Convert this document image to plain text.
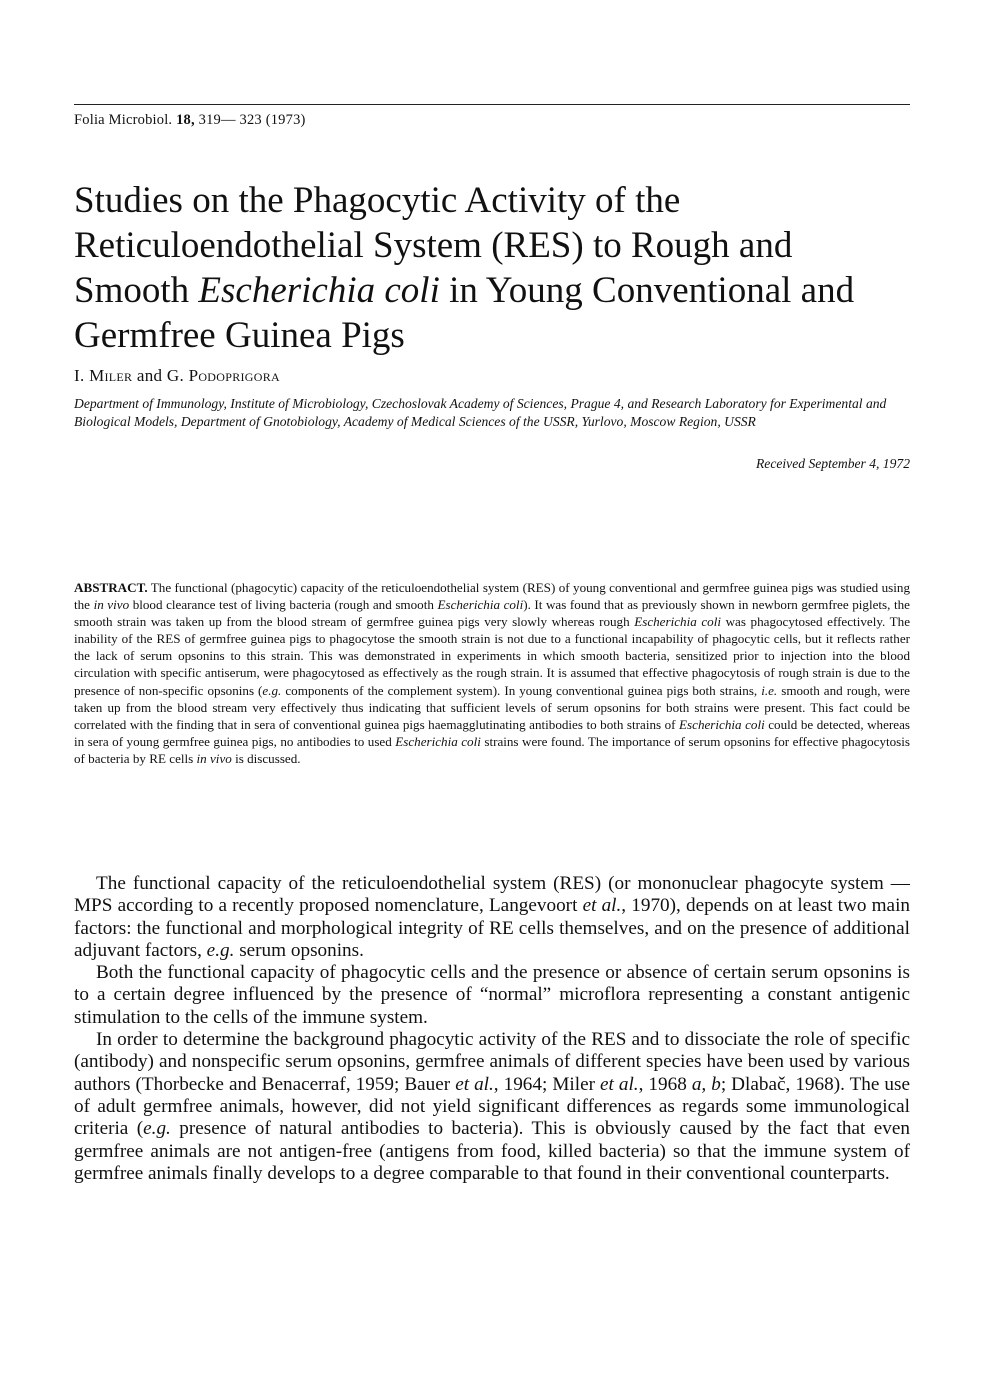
Folia Microbiol. 18, 319— 323 (1973)
Studies on the Phagocytic Activity of the Reticuloendothelial System (RES) to Rough and Smooth Escherichia coli in Young Conventional and Germfree Guinea Pigs
I. Miler and G. Podoprigora
Department of Immunology, Institute of Microbiology, Czechoslovak Academy of Sciences, Prague 4, and Research Laboratory for Experimental and Biological Models, Department of Gnotobiology, Academy of Medical Sciences of the USSR, Yurlovo, Moscow Region, USSR
Received September 4, 1972
ABSTRACT. The functional (phagocytic) capacity of the reticuloendothelial system (RES) of young conventional and germfree guinea pigs was studied using the in vivo blood clearance test of living bacteria (rough and smooth Escherichia coli). It was found that as previously shown in newborn germfree piglets, the smooth strain was taken up from the blood stream of germfree guinea pigs very slowly whereas rough Escherichia coli was phagocytosed effectively. The inability of the RES of germfree guinea pigs to phagocytose the smooth strain is not due to a functional incapability of phagocytic cells, but it reflects rather the lack of serum opsonins to this strain. This was demonstrated in experiments in which smooth bacteria, sensitized prior to injection into the blood circulation with specific antiserum, were phagocytosed as effectively as the rough strain. It is assumed that effective phagocytosis of rough strain is due to the presence of non-specific opsonins (e.g. components of the complement system). In young conventional guinea pigs both strains, i.e. smooth and rough, were taken up from the blood stream very effectively thus indicating that sufficient levels of serum opsonins for both strains were present. This fact could be correlated with the finding that in sera of conventional guinea pigs haemagglutinating antibodies to both strains of Escherichia coli could be detected, whereas in sera of young germfree guinea pigs, no antibodies to used Escherichia coli strains were found. The importance of serum opsonins for effective phagocytosis of bacteria by RE cells in vivo is discussed.

The functional capacity of the reticuloendothelial system (RES) (or mononuclear phagocyte system — MPS according to a recently proposed nomenclature, Langevoort et al., 1970), depends on at least two main factors: the functional and morphological integrity of RE cells themselves, and on the presence of additional adjuvant factors, e.g. serum opsonins.

Both the functional capacity of phagocytic cells and the presence or absence of certain serum opsonins is to a certain degree influenced by the presence of “normal” microflora representing a constant antigenic stimulation to the cells of the immune system.

In order to determine the background phagocytic activity of the RES and to dissociate the role of specific (antibody) and nonspecific serum opsonins, germfree animals of different species have been used by various authors (Thorbecke and Benacerraf, 1959; Bauer et al., 1964; Miler et al., 1968 a, b; Dlabač, 1968). The use of adult germfree animals, however, did not yield significant differences as regards some immunological criteria (e.g. presence of natural antibodies to bacteria). This is obviously caused by the fact that even germfree animals are not antigen-free (antigens from food, killed bacteria) so that the immune system of germfree animals finally develops to a degree comparable to that found in their conventional counterparts.
